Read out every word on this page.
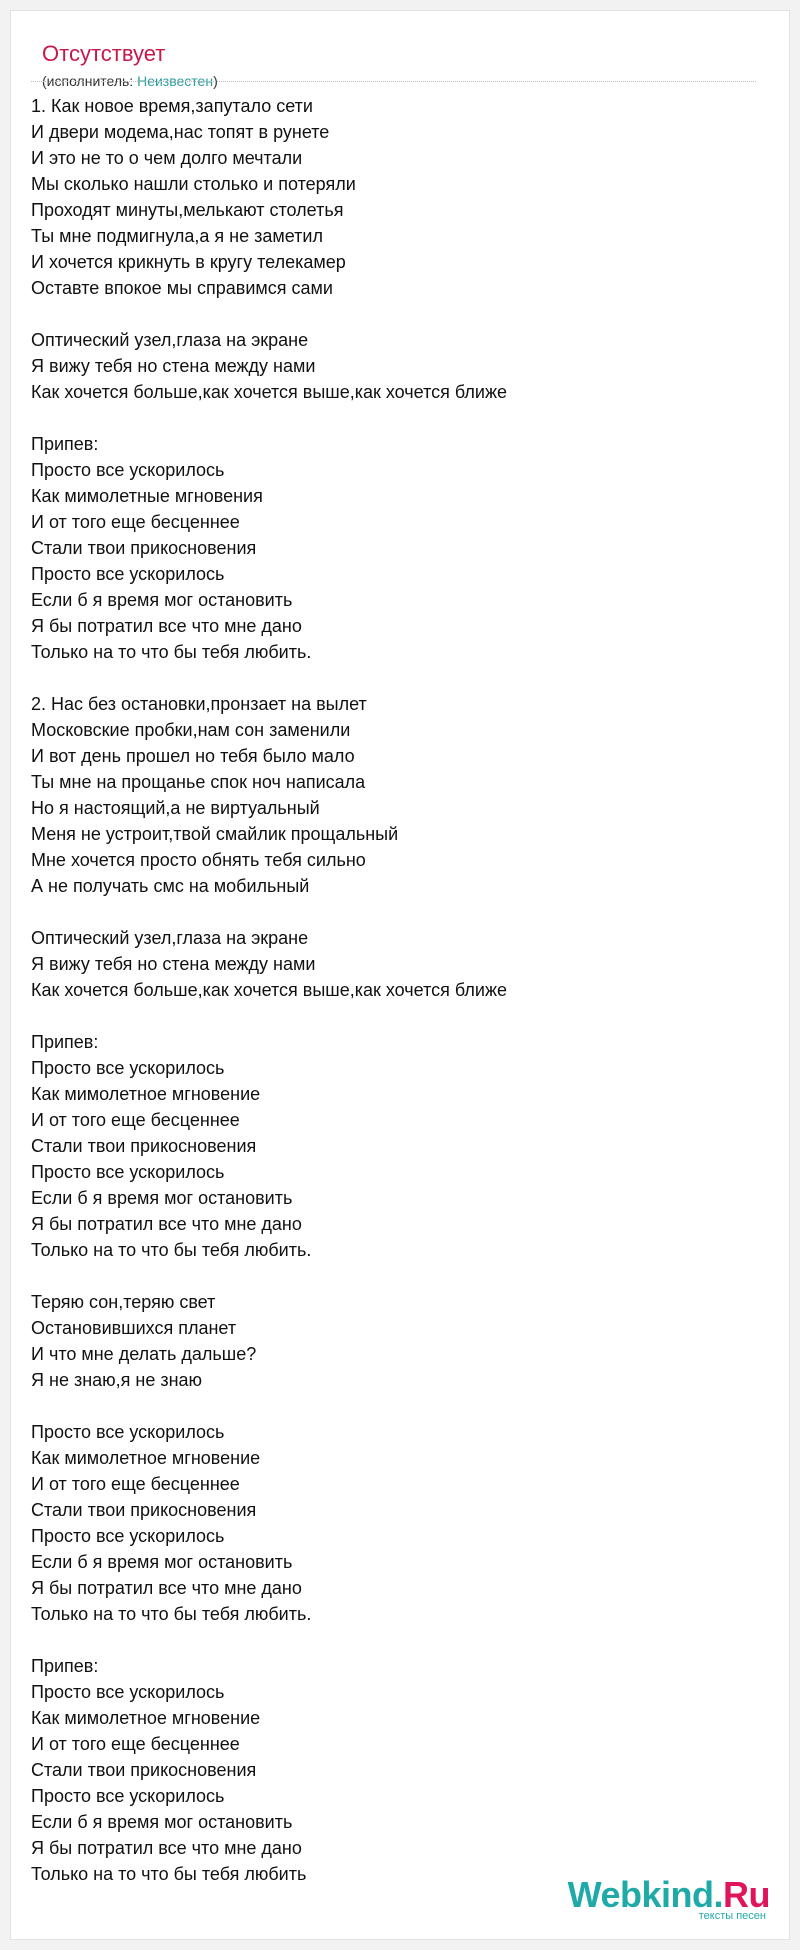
Отсутствует
(исполнитель: Неизвестен)
1. Как новое время,запутало сети
И двери модема,нас топят в рунете
И это не то о чем долго мечтали
Мы сколько нашли столько и потеряли
Проходят минуты,мелькают столетья
Ты мне подмигнула,а я не заметил
И хочется крикнуть в кругу телекамер
Оставте впокое мы справимся сами
Оптический узел,глаза на экране
Я вижу тебя но стена между нами
Как хочется больше,как хочется выше,как хочется ближе
Припев:
Просто все ускорилось
Как мимолетные мгновения
И от того еще бесценнее
Стали твои прикосновения
Просто все ускорилось
Если б я время мог остановить
Я бы потратил все что мне дано
Только на то что бы тебя любить.
2. Нас без остановки,пронзает на вылет
Московские пробки,нам сон заменили
И вот день прошел но тебя было мало
Ты мне на прощанье спок ноч написала
Но я настоящий,а не виртуальный
Меня не устроит,твой смайлик прощальный
Мне хочется просто обнять тебя сильно
А не получать смс на мобильный
Оптический узел,глаза на экране
Я вижу тебя но стена между нами
Как хочется больше,как хочется выше,как хочется ближе
Припев:
Просто все ускорилось
Как мимолетное мгновение
И от того еще бесценнее
Стали твои прикосновения
Просто все ускорилось
Если б я время мог остановить
Я бы потратил все что мне дано
Только на то что бы тебя любить.
Теряю сон,теряю свет
Остановившихся планет
И что мне делать дальше?
Я не знаю,я не знаю
Просто все ускорилось
Как мимолетное мгновение
И от того еще бесценнее
Стали твои прикосновения
Просто все ускорилось
Если б я время мог остановить
Я бы потратил все что мне дано
Только на то что бы тебя любить.
Припев:
Просто все ускорилось
Как мимолетное мгновение
И от того еще бесценнее
Стали твои прикосновения
Просто все ускорилось
Если б я время мог остановить
Я бы потратил все что мне дано
Только на то что бы тебя любить	Webkind.Ru
тексты песен
